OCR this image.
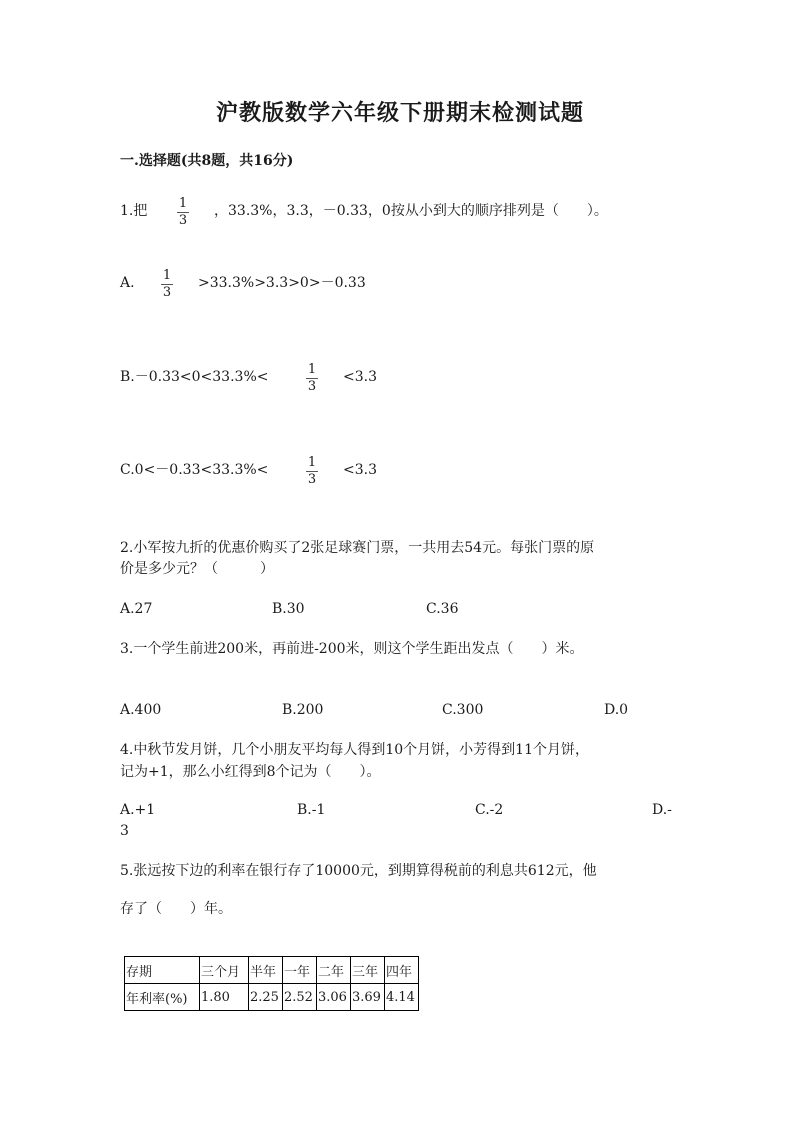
沪教版数学六年级下册期末检测试题
一.选择题(共8题，共16分)
1.把 1
3
，33.3%，3.3，－0.33，0按从小到大的顺序排列是（　　）。
A. 1
3
>33.3%>3.3>0>－0.33
B.－0.33<0<33.3%<	1
3
<3.3
C.0<－0.33<33.3%<	1
3
<3.3
2.小军按九折的优惠价购买了2张足球赛门票，一共用去54元。每张门票的原
价是多少元？（　　　）
A.27	B.30	C.36
3.一个学生前进200米，再前进-200米，则这个学生距出发点（　　）米。
A.400	B.200	C.300	D.0
4.中秋节发月饼，几个小朋友平均每人得到10个月饼，小芳得到11个月饼，
记为+1，那么小红得到8个记为（　　）。
A.+1	B.-1	C.-2	D.-
3
5.张远按下边的利率在银行存了10000元，到期算得税前的利息共612元，他
存了（　　）年。
存期	三个月	半年	一年	二年	三年	四年
年利率(%)	1.80	2.25	2.52	3.06	3.69	4.14
